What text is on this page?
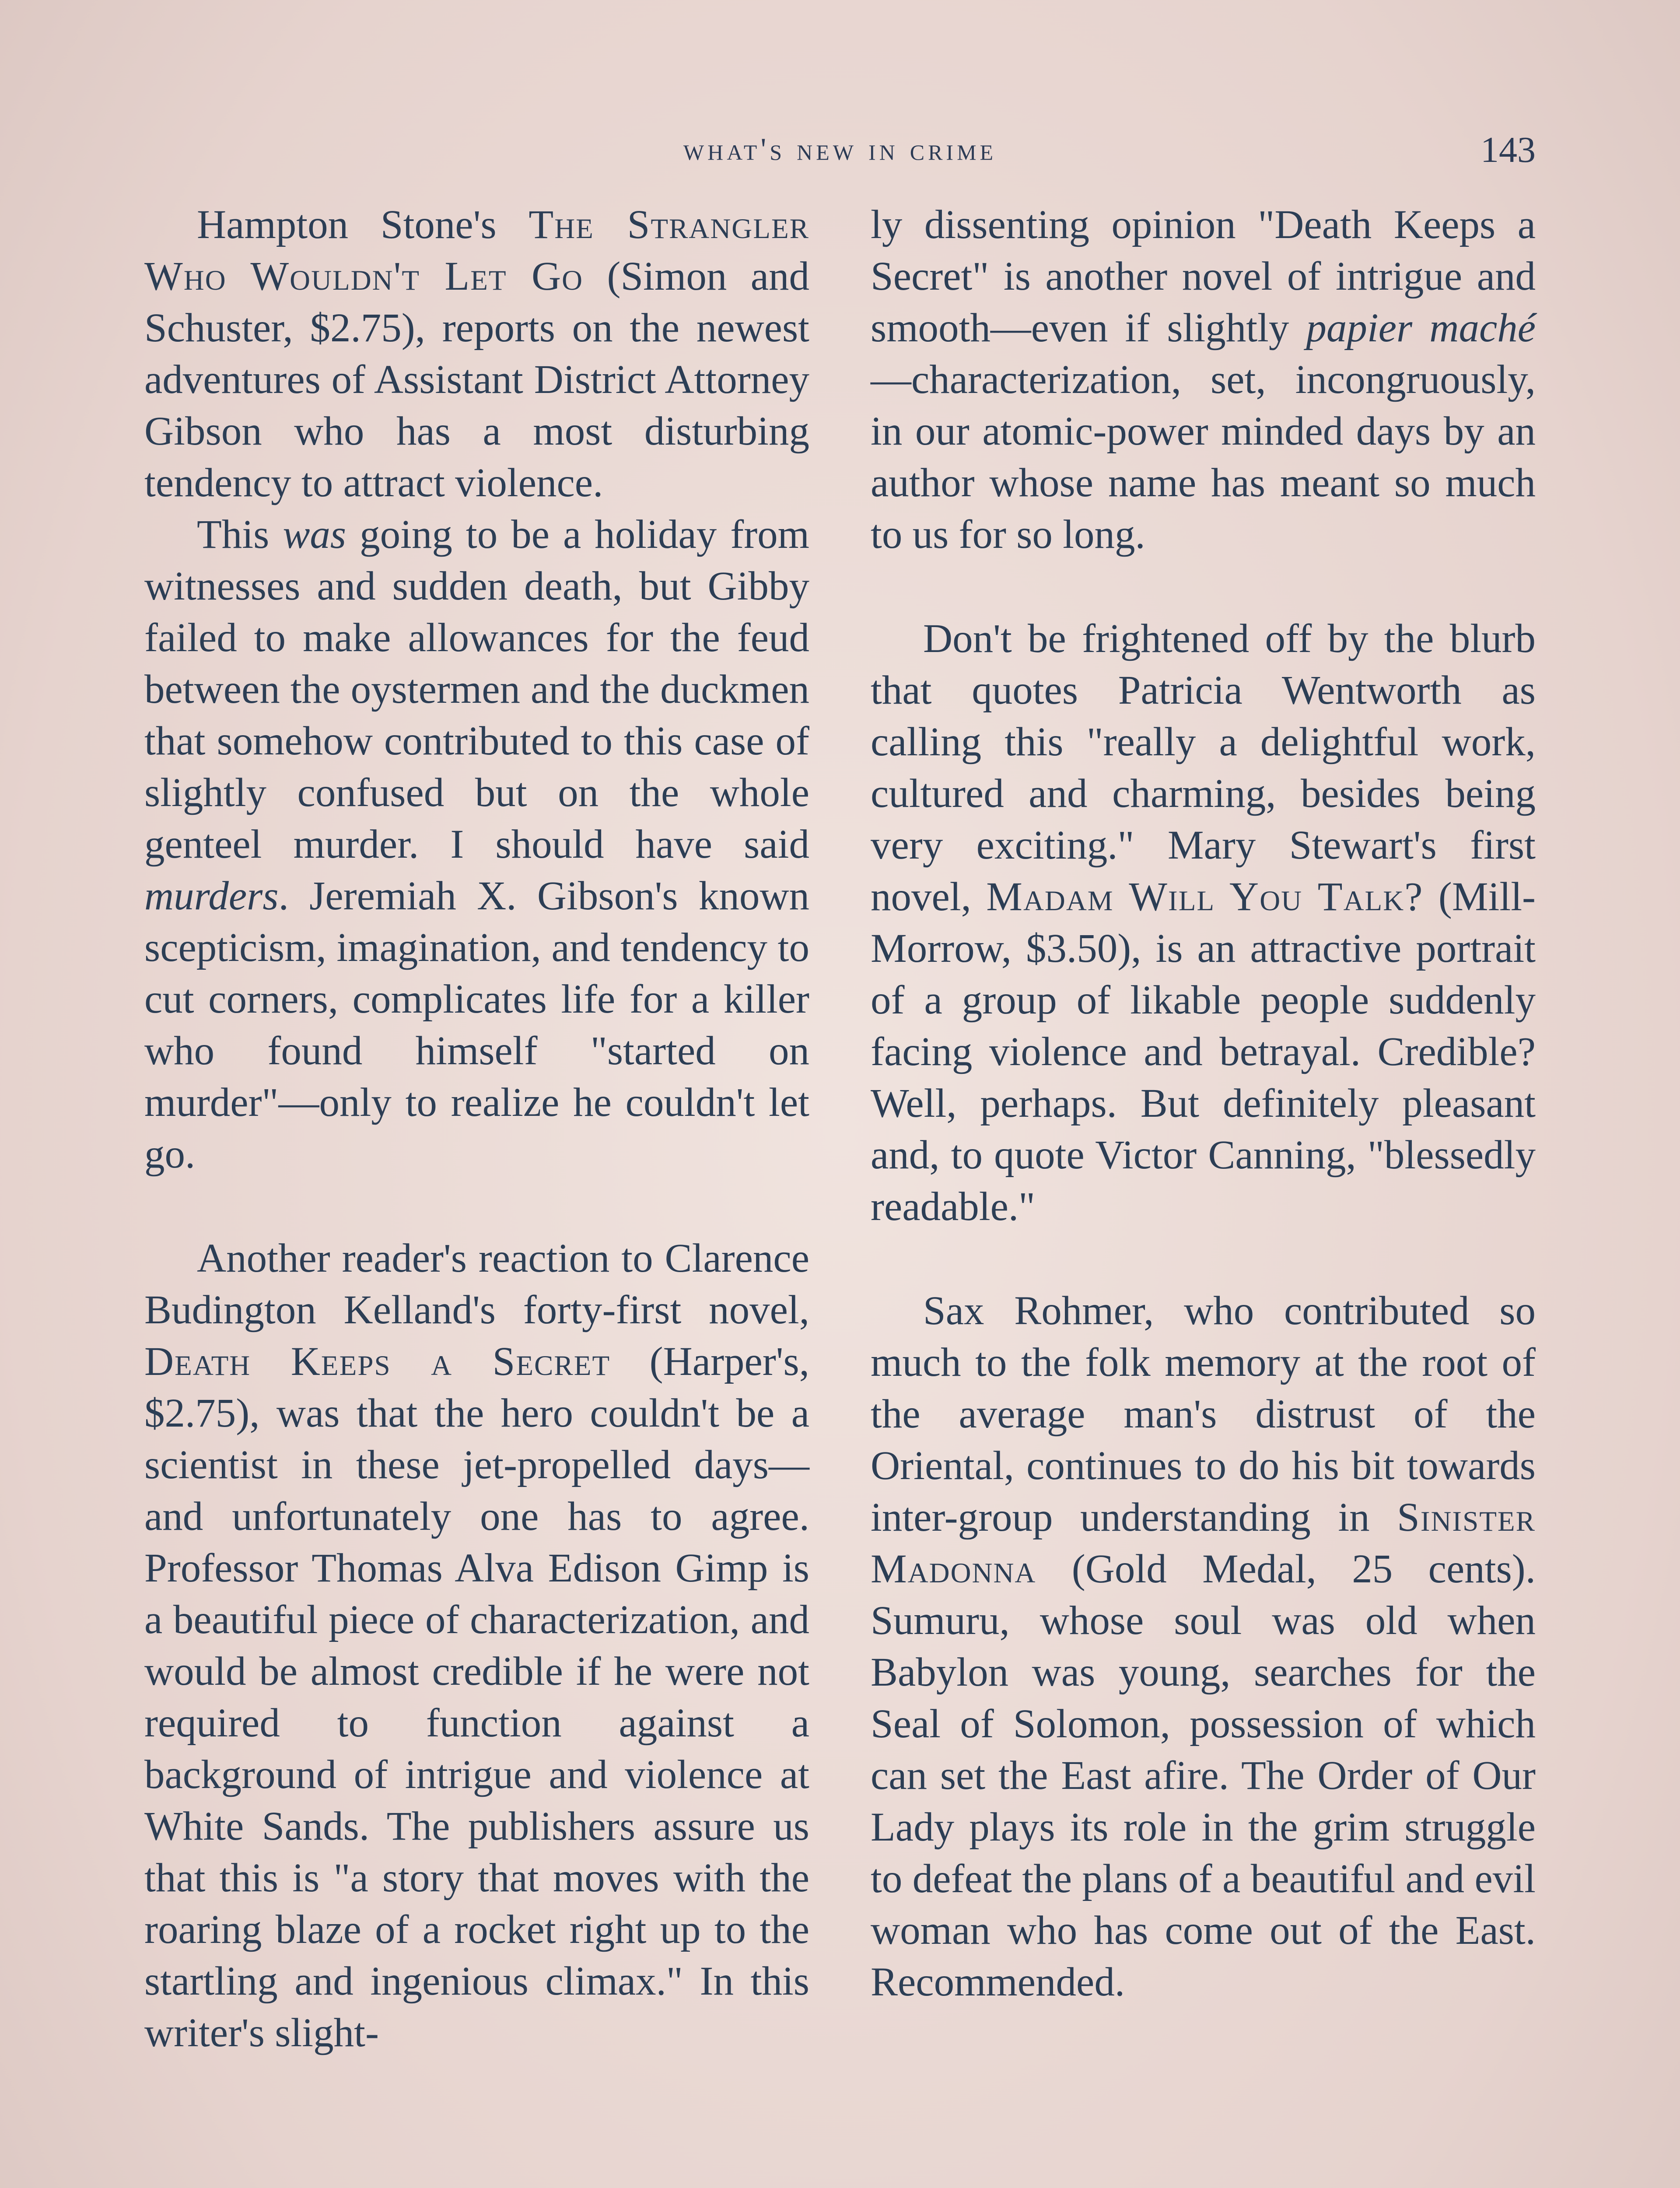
what's new in crime	143

Hampton Stone's The Strangler Who Wouldn't Let Go (Simon and Schuster, $2.75), reports on the newest adventures of Assistant District Attorney Gibson who has a most disturbing tendency to attract violence.

This was going to be a holiday from witnesses and sudden death, but Gibby failed to make allowances for the feud between the oystermen and the duckmen that somehow contributed to this case of slightly confused but on the whole genteel murder. I should have said murders. Jeremiah X. Gibson's known scepticism, imagination, and tendency to cut corners, complicates life for a killer who found himself "started on murder"—only to realize he couldn't let go.

Another reader's reaction to Clarence Budington Kelland's forty-first novel, Death Keeps a Secret (Harper's, $2.75), was that the hero couldn't be a scientist in these jet-propelled days—and unfortunately one has to agree. Professor Thomas Alva Edison Gimp is a beautiful piece of characterization, and would be almost credible if he were not required to function against a background of intrigue and violence at White Sands. The publishers assure us that this is "a story that moves with the roaring blaze of a rocket right up to the startling and ingenious climax." In this writer's slight-

ly dissenting opinion "Death Keeps a Secret" is another novel of intrigue and smooth—even if slightly papier maché—characterization, set, incongruously, in our atomic-power minded days by an author whose name has meant so much to us for so long.

Don't be frightened off by the blurb that quotes Patricia Wentworth as calling this "really a delightful work, cultured and charming, besides being very exciting." Mary Stewart's first novel, Madam Will You Talk? (Mill-Morrow, $3.50), is an attractive portrait of a group of likable people suddenly facing violence and betrayal. Credible? Well, perhaps. But definitely pleasant and, to quote Victor Canning, "blessedly readable."

Sax Rohmer, who contributed so much to the folk memory at the root of the average man's distrust of the Oriental, continues to do his bit towards inter-group understanding in Sinister Madonna (Gold Medal, 25 cents). Sumuru, whose soul was old when Babylon was young, searches for the Seal of Solomon, possession of which can set the East afire. The Order of Our Lady plays its role in the grim struggle to defeat the plans of a beautiful and evil woman who has come out of the East. Recommended.
